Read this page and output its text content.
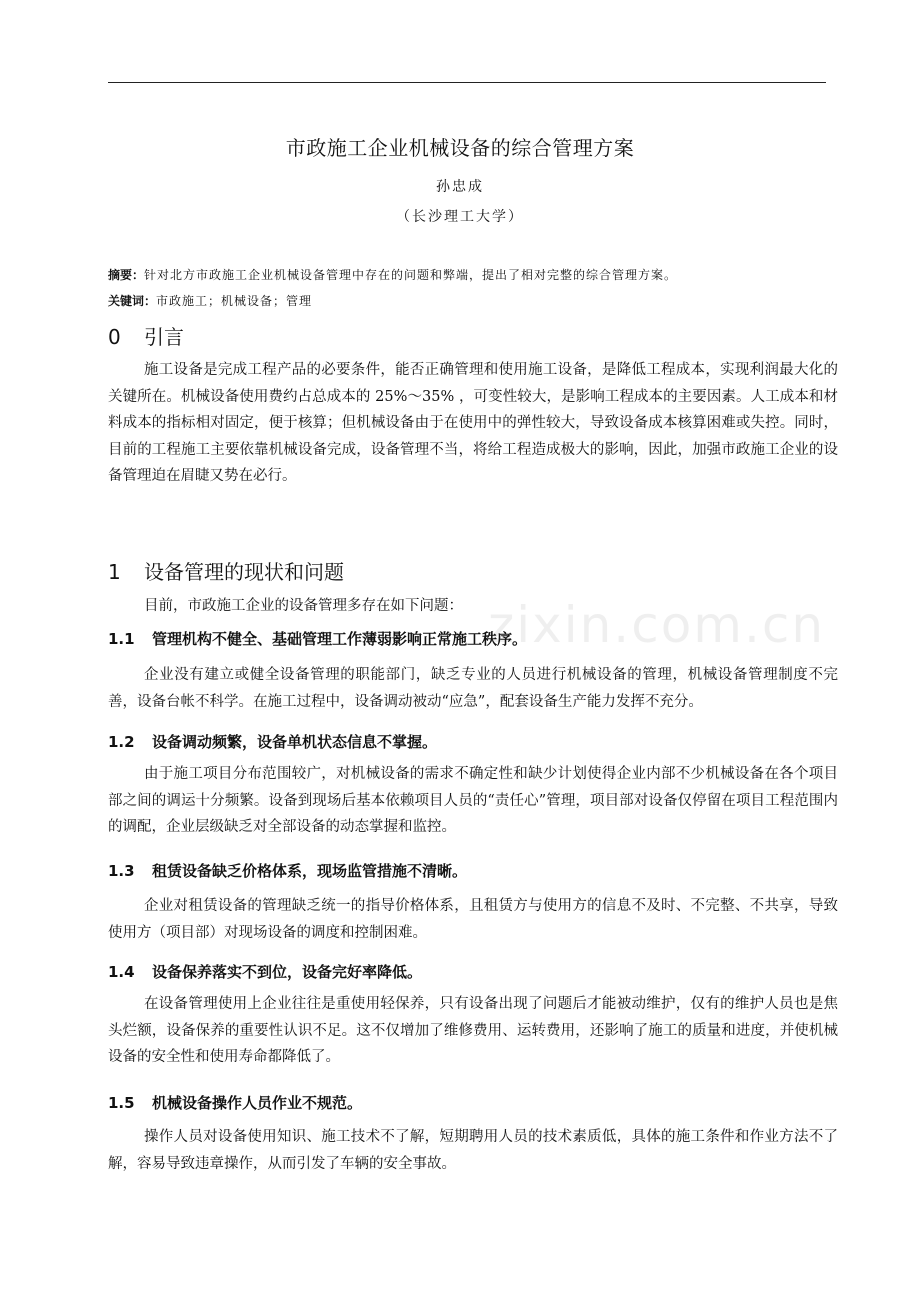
市政施工企业机械设备的综合管理方案
孙忠成
（长沙理工大学）
摘要：针对北方市政施工企业机械设备管理中存在的问题和弊端，提出了相对完整的综合管理方案。
关键词：市政施工；机械设备；管理
0 引言
施工设备是完成工程产品的必要条件，能否正确管理和使用施工设备，是降低工程成本，实现利润最大化的关键所在。机械设备使用费约占总成本的 25%～35% ，可变性较大，是影响工程成本的主要因素。人工成本和材料成本的指标相对固定，便于核算；但机械设备由于在使用中的弹性较大，导致设备成本核算困难或失控。同时，目前的工程施工主要依靠机械设备完成，设备管理不当，将给工程造成极大的影响，因此，加强市政施工企业的设备管理迫在眉睫又势在必行。
1 设备管理的现状和问题
目前，市政施工企业的设备管理多存在如下问题： zixin.com.cn
1.1 管理机构不健全、基础管理工作薄弱影响正常施工秩序。
企业没有建立或健全设备管理的职能部门，缺乏专业的人员进行机械设备的管理，机械设备管理制度不完善，设备台帐不科学。在施工过程中，设备调动被动“应急”，配套设备生产能力发挥不充分。
1.2 设备调动频繁，设备单机状态信息不掌握。
由于施工项目分布范围较广，对机械设备的需求不确定性和缺少计划使得企业内部不少机械设备在各个项目部之间的调运十分频繁。设备到现场后基本依赖项目人员的“责任心”管理，项目部对设备仅停留在项目工程范围内的调配，企业层级缺乏对全部设备的动态掌握和监控。
1.3 租赁设备缺乏价格体系，现场监管措施不清晰。
企业对租赁设备的管理缺乏统一的指导价格体系，且租赁方与使用方的信息不及时、不完整、不共享，导致使用方（项目部）对现场设备的调度和控制困难。
1.4 设备保养落实不到位，设备完好率降低。
在设备管理使用上企业往往是重使用轻保养，只有设备出现了问题后才能被动维护，仅有的维护人员也是焦头烂额，设备保养的重要性认识不足。这不仅增加了维修费用、运转费用，还影响了施工的质量和进度，并使机械设备的安全性和使用寿命都降低了。
1.5 机械设备操作人员作业不规范。
操作人员对设备使用知识、施工技术不了解，短期聘用人员的技术素质低，具体的施工条件和作业方法不了解，容易导致违章操作，从而引发了车辆的安全事故。
